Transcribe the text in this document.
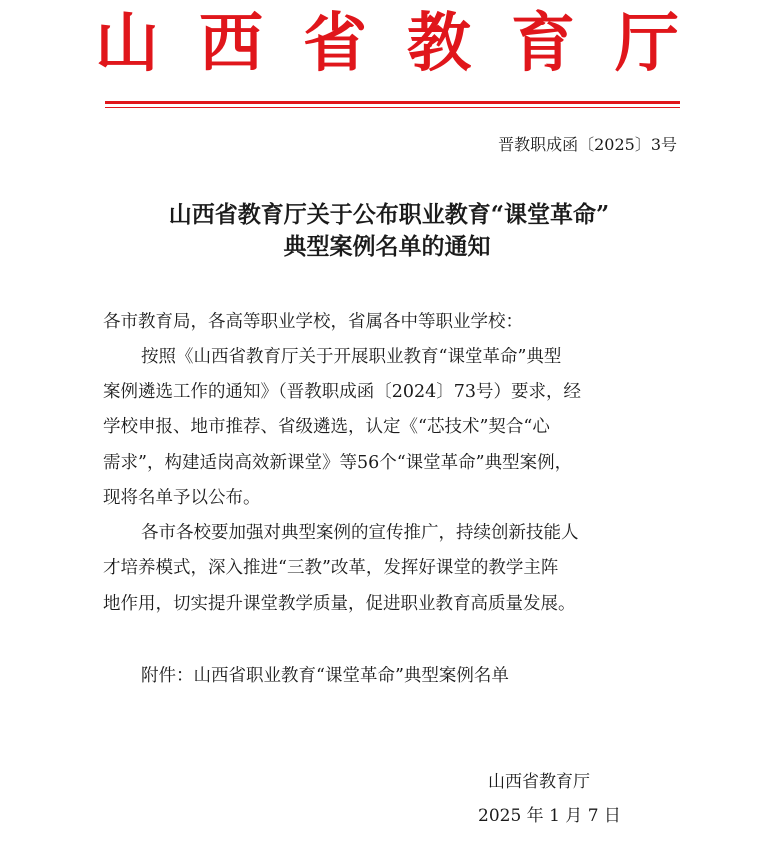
山西省教育厅
晋教职成函〔2025〕3号
山西省教育厅关于公布职业教育“课堂革命”
典型案例名单的通知
各市教育局，各高等职业学校，省属各中等职业学校：
按照《山西省教育厅关于开展职业教育“课堂革命”典型
案例遴选工作的通知》（晋教职成函〔2024〕73号）要求，经
学校申报、地市推荐、省级遴选，认定《“芯技术”契合“心
需求”，构建适岗高效新课堂》等56个“课堂革命”典型案例，
现将名单予以公布。
各市各校要加强对典型案例的宣传推广，持续创新技能人
才培养模式，深入推进“三教”改革，发挥好课堂的教学主阵
地作用，切实提升课堂教学质量，促进职业教育高质量发展。
附件：山西省职业教育“课堂革命”典型案例名单
山西省教育厅
2025 年 1 月 7 日
